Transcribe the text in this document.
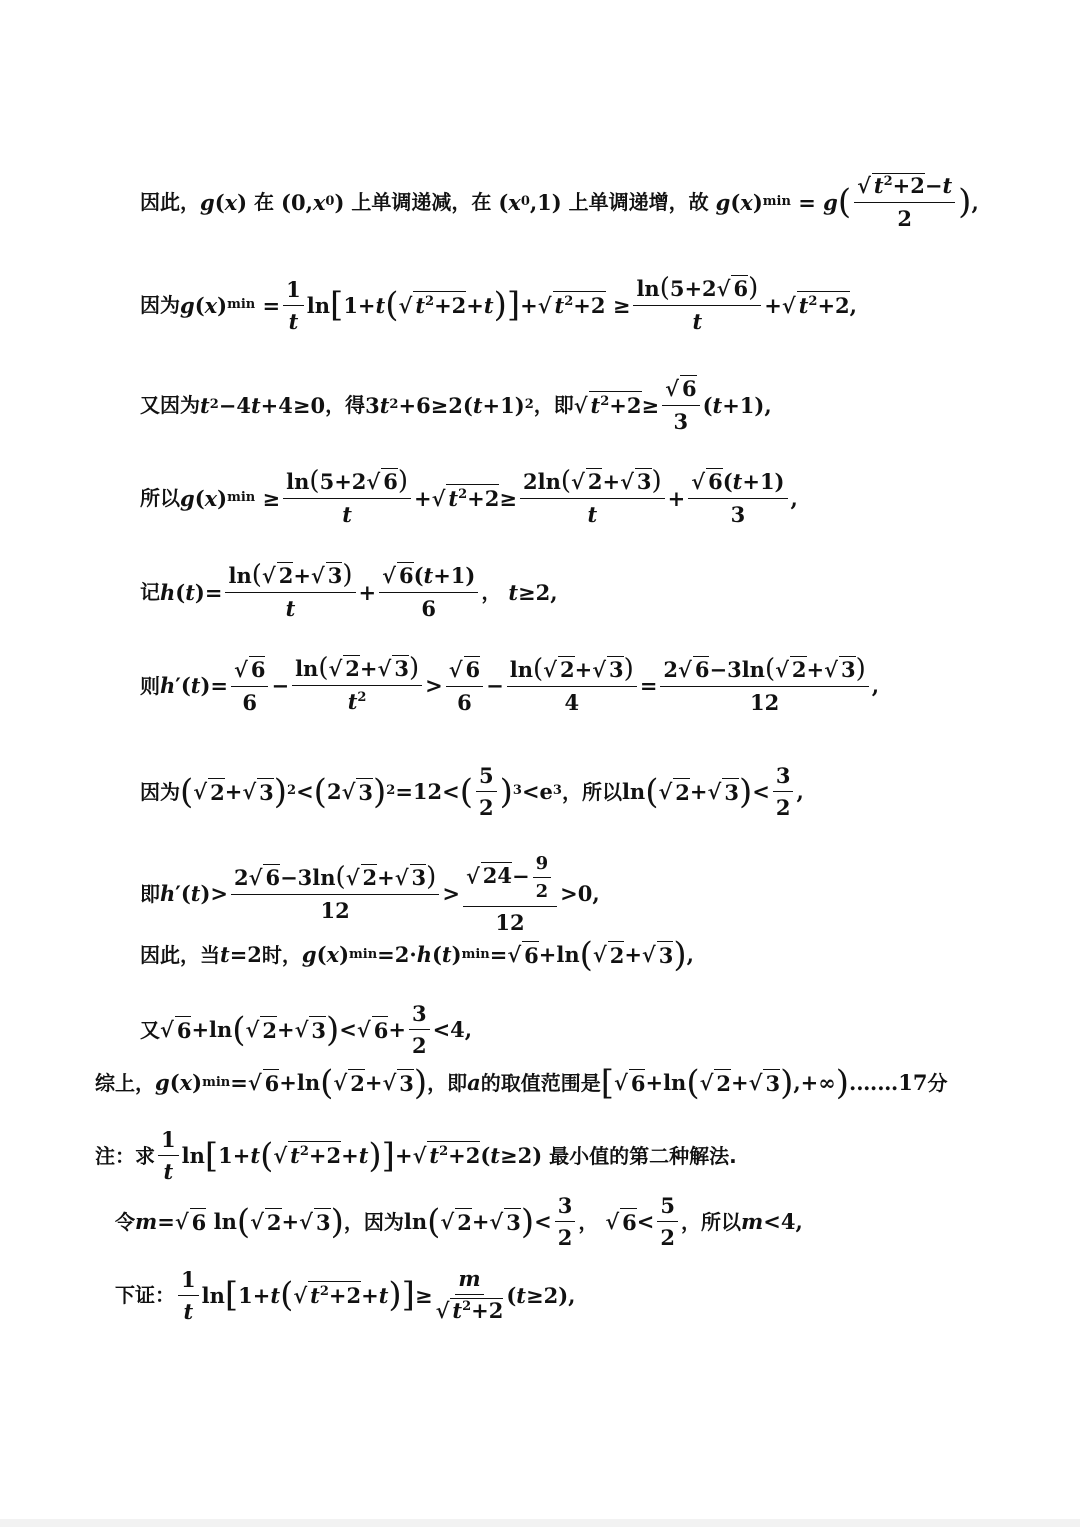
因此， g ( x ) 在 (0, x 0 ) 上单调递减，在 ( x 0 ,1) 上单调递增，故 g ( x ) min = g ( $\frac{√ t^2+2-t}{2}$ ) ,
因为 g ( x ) $\min = \frac{1}{t}$ ln [ 1+ t ( √ $t^2+2 + t$ )] + √ $t^2+2 \ge \frac{\ln(5+2√ 6)}{t}$ + √ $t^2+2$ ,
又因为 t 2 −4 t +4≥0 ，得 3 t 2 +6≥2( t +1) 2 ，即 √ $t^2+2 \ge \frac{√ 6}{3}$ ( t +1),
所以 g ( x ) $\min \ge \frac{\ln(5+2√ 6)}{t}$ + √ $t^2+2 \ge \frac{2\ln(√ 2+√ 3)}{t} + \frac{√ 6(t+1)}{3}$ ,
记 h ( t )= $\frac{\ln(√ 2+√ 3)}{t} + \frac{√ 6(t+1)}{6}$ ， t ≥2,
则 h ′( t )= $\frac{√ 6}{6} - \frac{\ln(√ 2+√ 3)}{t^2} > \frac{√ 6}{6} - \frac{\ln(√ 2+√ 3)}{4} = \frac{2√ 6-3\ln(√ 2+√ 3)}{12}$ ,
因为 ( √ 2 + √ 3 ) 2 < ( 2 √ 3 ) 2 =12< ( $\frac{5}{2}$ ) 3 <e 3 ，所以 ln ( √ 2 + √ 3 ) < $\frac{3}{2}$ ,
即 h ′( t )> $\frac{2√ 6-3\ln(√ 2+√ 3)}{12} > \frac{√ 24- \frac{9}{2}}{12} >0$,
因此，当 t =2 时， g ( x ) min =2· h ( t ) min = √ 6 +ln ( √ 2 + √ 3 ) ,
又 √ 6 +ln ( √ 2 + √ 3 ) < √ $6 + \frac{3}{2} <4$,
综上， g ( x ) min = √ 6 +ln ( √ 2 + √ 3 ) ，即 a 的取值范围是 [ √ 6 +ln ( √ 2 + √ 3 ) ,+∞ ) .……17 分
注：求 $\frac{1}{t}$ ln [ 1+ t ( √ $t^2+2 + t$ )] + √ $t^2+2$ ( t ≥2) 最小值的第二种解法.
令 m = √ 6 ln ( √ 2 + √ 3 ) ，因为 ln ( √ 2 + √ 3 ) < $\frac{3}{2}$ ， √ $6 < \frac{5}{2}$ ，所以 m <4,
下证： $\frac{1}{t}$ ln [ 1+ t ( √ $t^2+2 + t$ )] ≥ $\frac{m}{√ t^2+2}$ ( t ≥2),
